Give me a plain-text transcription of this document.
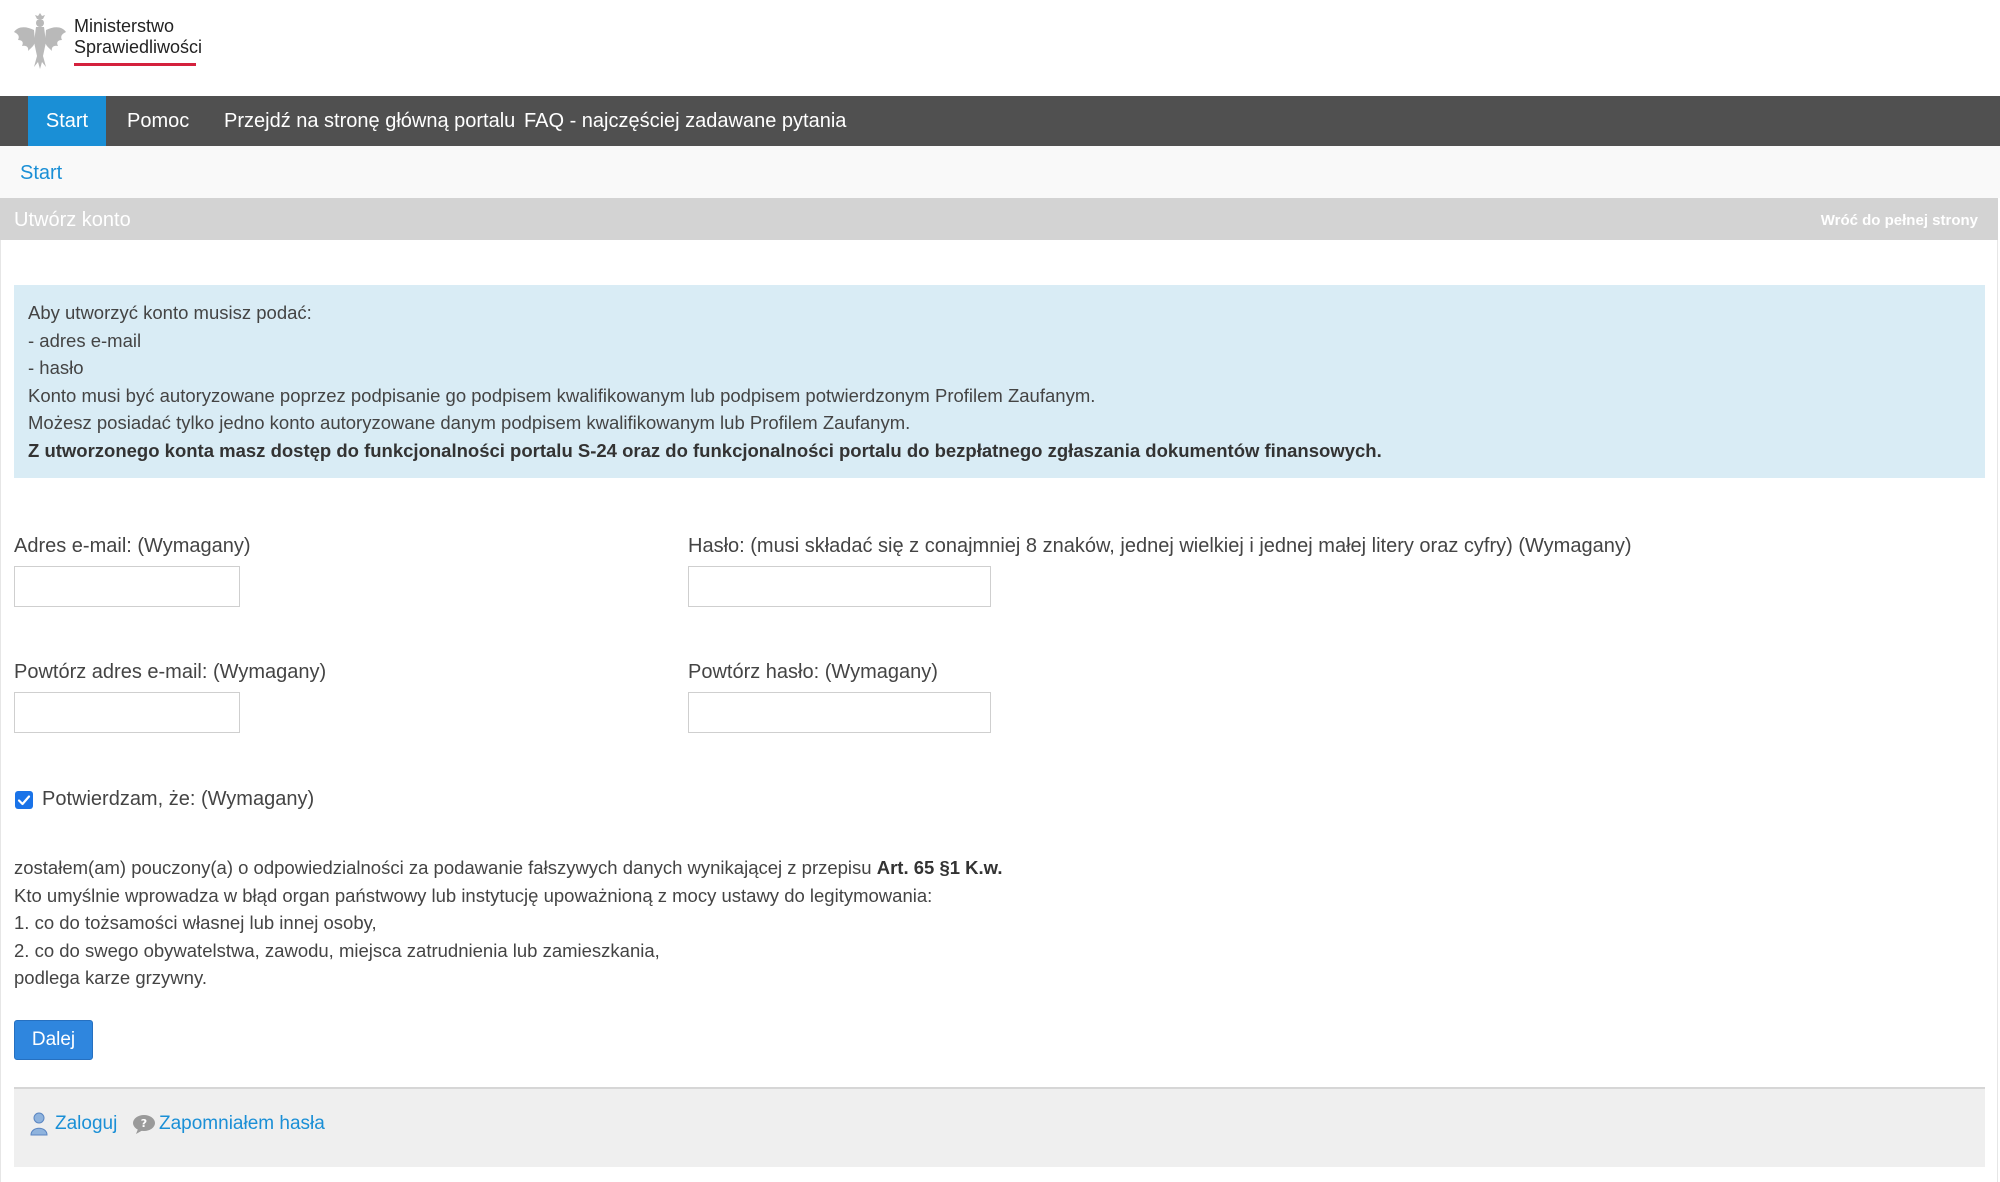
Ministerstwo
Sprawiedliwości
Start	Pomoc Przejdź na stronę główną portalu FAQ - najczęściej zadawane pytania
Start
Utwórz konto	Wróć do pełnej strony
Aby utworzyć konto musisz podać:
- adres e-mail
- hasło
Konto musi być autoryzowane poprzez podpisanie go podpisem kwalifikowanym lub podpisem potwierdzonym Profilem Zaufanym.
Możesz posiadać tylko jedno konto autoryzowane danym podpisem kwalifikowanym lub Profilem Zaufanym.
Z utworzonego konta masz dostęp do funkcjonalności portalu S-24 oraz do funkcjonalności portalu do bezpłatnego zgłaszania dokumentów finansowych.
Adres e-mail: (Wymagany)	Hasło: (musi składać się z conajmniej 8 znaków, jednej wielkiej i jednej małej litery oraz cyfry) (Wymagany)
Powtórz adres e-mail: (Wymagany)	Powtórz hasło: (Wymagany)
Potwierdzam, że: (Wymagany)
zostałem(am) pouczony(a) o odpowiedzialności za podawanie fałszywych danych wynikającej z przepisu Art. 65 §1 K.w.
Kto umyślnie wprowadza w błąd organ państwowy lub instytucję upoważnioną z mocy ustawy do legitymowania:
1. co do tożsamości własnej lub innej osoby,
2. co do swego obywatelstwa, zawodu, miejsca zatrudnienia lub zamieszkania,
podlega karze grzywny.
Dalej
Zaloguj ? Zapomniałem hasła
